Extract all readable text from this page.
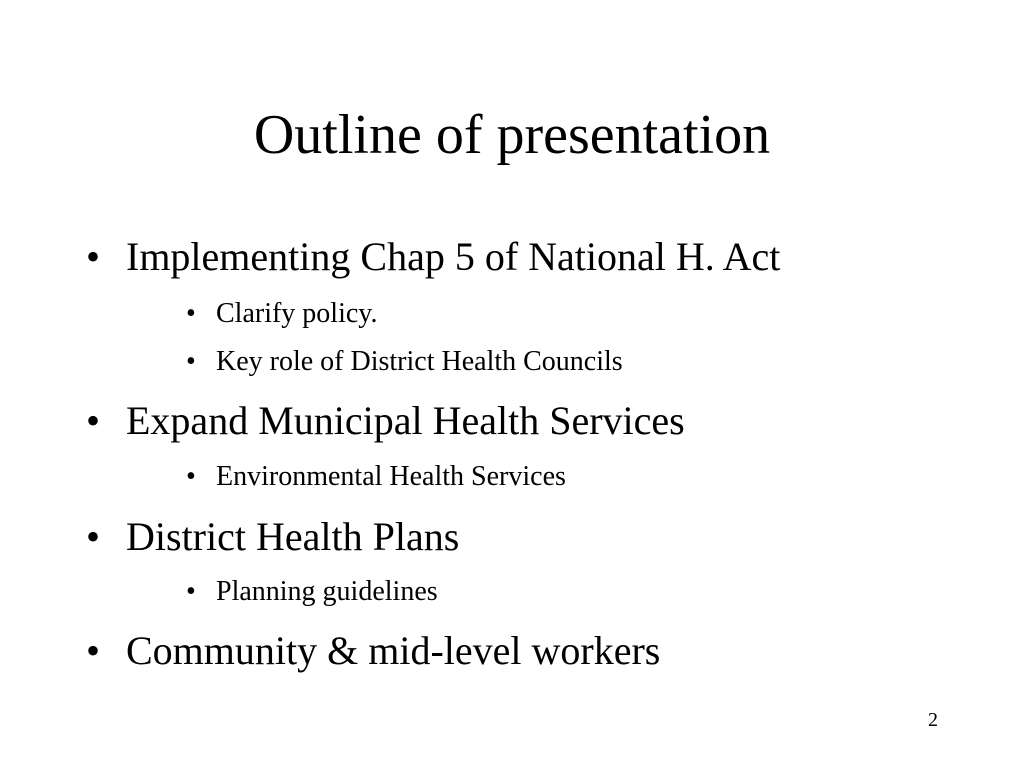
Outline of presentation
• Implementing Chap 5 of National H. Act
• Clarify policy.
• Key role of District Health Councils
• Expand Municipal Health Services
• Environmental Health Services
• District Health Plans
• Planning guidelines
• Community & mid-level workers
2
